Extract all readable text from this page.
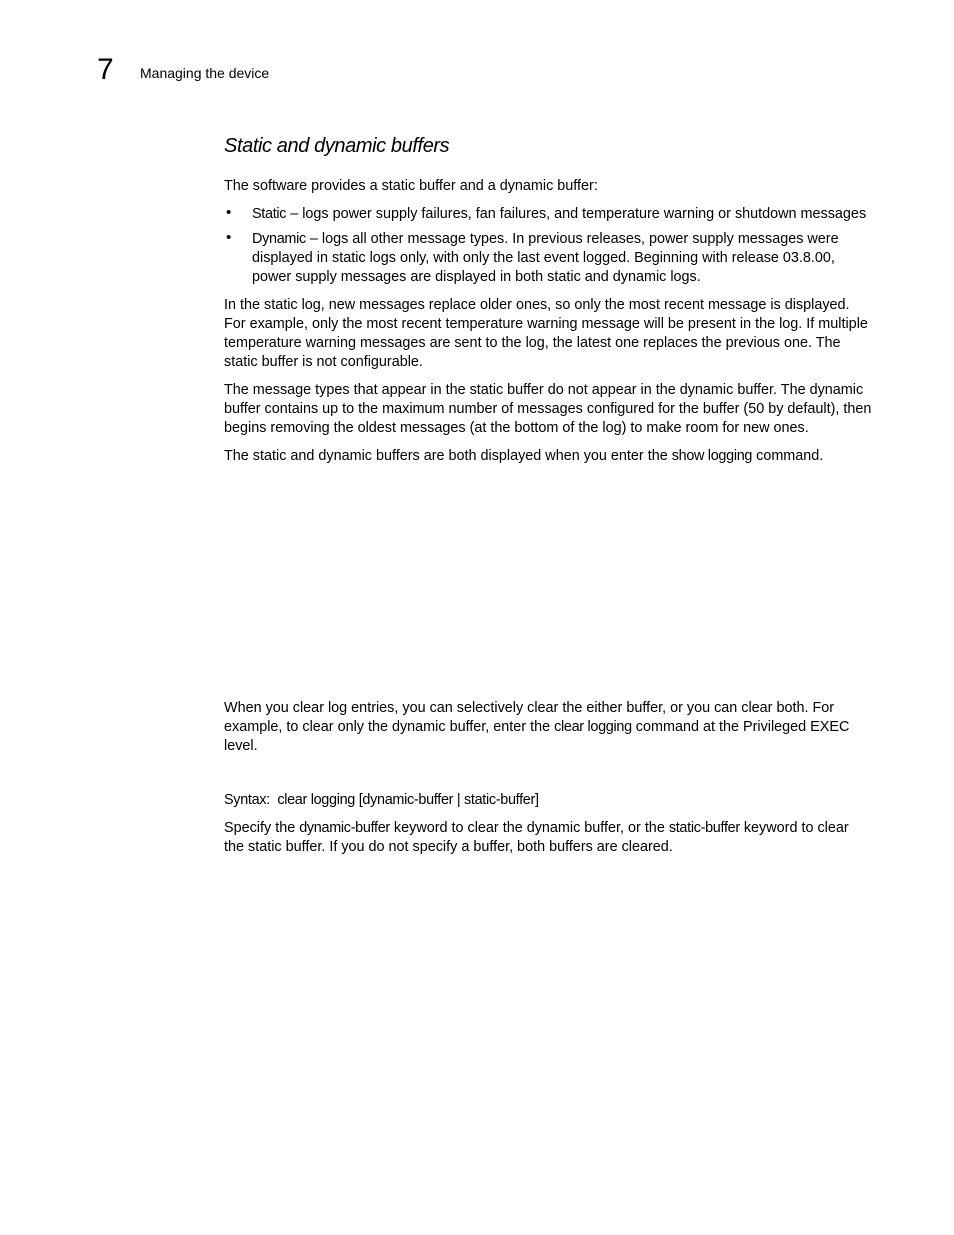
7 Managing the device
Static and dynamic buffers

The software provides a static buffer and a dynamic buffer:

• Static – logs power supply failures, fan failures, and temperature warning or shutdown messages
• Dynamic – logs all other message types. In previous releases, power supply messages were displayed in static logs only, with only the last event logged. Beginning with release 03.8.00, power supply messages are displayed in both static and dynamic logs.

In the static log, new messages replace older ones, so only the most recent message is displayed. For example, only the most recent temperature warning message will be present in the log. If multiple temperature warning messages are sent to the log, the latest one replaces the previous one. The static buffer is not configurable.

The message types that appear in the static buffer do not appear in the dynamic buffer. The dynamic buffer contains up to the maximum number of messages configured for the buffer (50 by default), then begins removing the oldest messages (at the bottom of the log) to make room for new ones.

The static and dynamic buffers are both displayed when you enter the show logging command.

When you clear log entries, you can selectively clear the either buffer, or you can clear both. For example, to clear only the dynamic buffer, enter the clear logging command at the Privileged EXEC level.

Syntax: clear logging [dynamic-buffer | static-buffer]

Specify the dynamic-buffer keyword to clear the dynamic buffer, or the static-buffer keyword to clear the static buffer. If you do not specify a buffer, both buffers are cleared.
